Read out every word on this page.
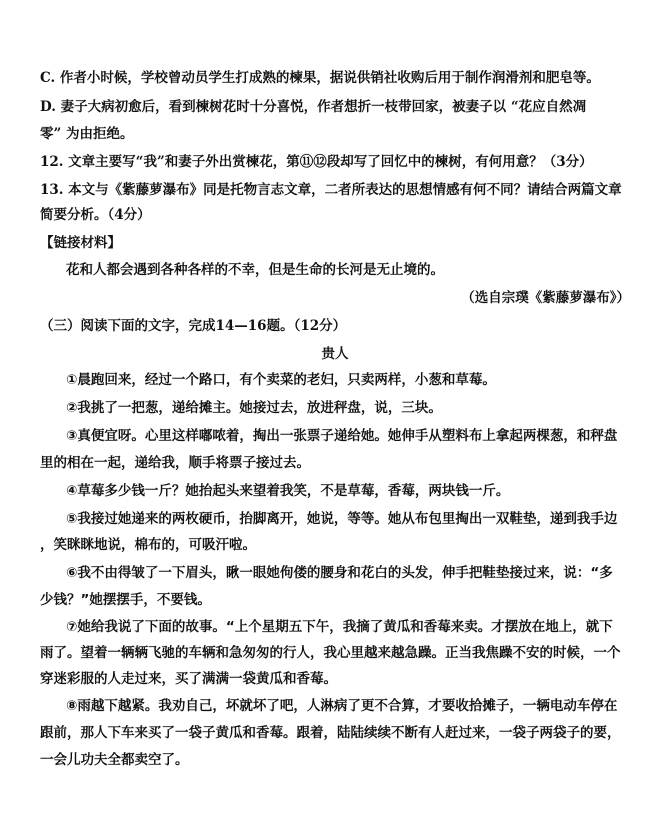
C. 作者小时候，学校曾动员学生打成熟的楝果，据说供销社收购后用于制作润滑剂和肥皂等。
D. 妻子大病初愈后，看到楝树花时十分喜悦，作者想折一枝带回家，被妻子以 “花应自然凋
零” 为由拒绝。
12. 文章主要写“我”和妻子外出赏楝花，第⑪⑫段却写了回忆中的楝树，有何用意？（3分）
13. 本文与《紫藤萝瀑布》同是托物言志文章，二者所表达的思想情感有何不同？请结合两篇文章
简要分析。（4分）
【链接材料】
花和人都会遇到各种各样的不幸，但是生命的长河是无止境的。
（选自宗璞《紫藤萝瀑布》）
（三）阅读下面的文字，完成14—16题。（12分）
贵人
①晨跑回来，经过一个路口，有个卖菜的老妇，只卖两样，小葱和草莓。
②我挑了一把葱，递给摊主。她接过去，放进秤盘，说，三块。
③真便宜呀。心里这样嘟哝着，掏出一张票子递给她。她伸手从塑料布上拿起两棵葱，和秤盘
里的相在一起，递给我，顺手将票子接过去。
④草莓多少钱一斤？她抬起头来望着我笑，不是草莓，香莓，两块钱一斤。
⑤我接过她递来的两枚硬币，抬脚离开，她说，等等。她从布包里掏出一双鞋垫，递到我手边
，笑眯眯地说，棉布的，可吸汗啦。
⑥我不由得皱了一下眉头，瞅一眼她佝偻的腰身和花白的头发，伸手把鞋垫接过来，说：“多
少钱？”她摆摆手，不要钱。
⑦她给我说了下面的故事。“上个星期五下午，我摘了黄瓜和香莓来卖。才摆放在地上，就下
雨了。望着一辆辆飞驰的车辆和急匆匆的行人，我心里越来越急躁。正当我焦躁不安的时候，一个
穿迷彩服的人走过来，买了满满一袋黄瓜和香莓。
⑧雨越下越紧。我劝自己，坏就坏了吧，人淋病了更不合算，才要收拾摊子，一辆电动车停在
跟前，那人下车来买了一袋子黄瓜和香莓。跟着，陆陆续续不断有人赶过来，一袋子两袋子的要，
一会儿功夫全都卖空了。
